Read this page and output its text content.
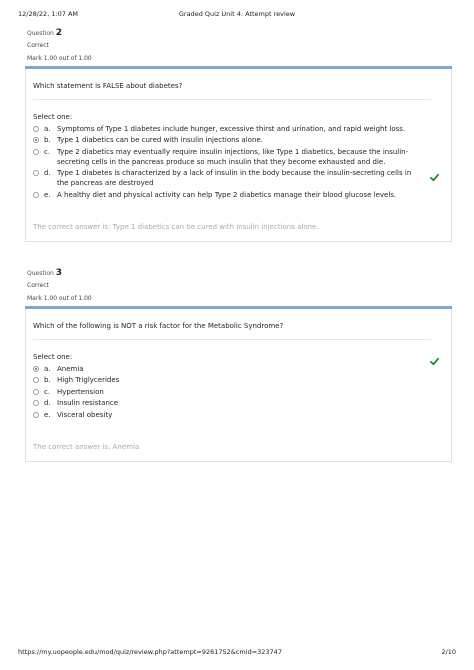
12/28/22, 1:07 AM	Graded Quiz Unit 4: Attempt review
Question 2
Correct
Mark 1.00 out of 1.00
Which statement is FALSE about diabetes?
Select one:
a. Symptoms of Type 1 diabetes include hunger, excessive thirst and urination, and rapid weight loss.
b. Type 1 diabetics can be cured with insulin injections alone.
c. Type 2 diabetics may eventually require insulin injections, like Type 1 diabetics, because the insulin-secreting cells in the pancreas produce so much insulin that they become exhausted and die.
d. Type 1 diabetes is characterized by a lack of insulin in the body because the insulin-secreting cells in the pancreas are destroyed
e. A healthy diet and physical activity can help Type 2 diabetics manage their blood glucose levels.
The correct answer is: Type 1 diabetics can be cured with insulin injections alone.
Question 3
Correct
Mark 1.00 out of 1.00
Which of the following is NOT a risk factor for the Metabolic Syndrome?
Select one:
a. Anemia
b. High Triglycerides
c. Hypertension
d. Insulin resistance
e. Visceral obesity
The correct answer is: Anemia
https://my.uopeople.edu/mod/quiz/review.php?attempt=9261752&cmid=323747	2/10
